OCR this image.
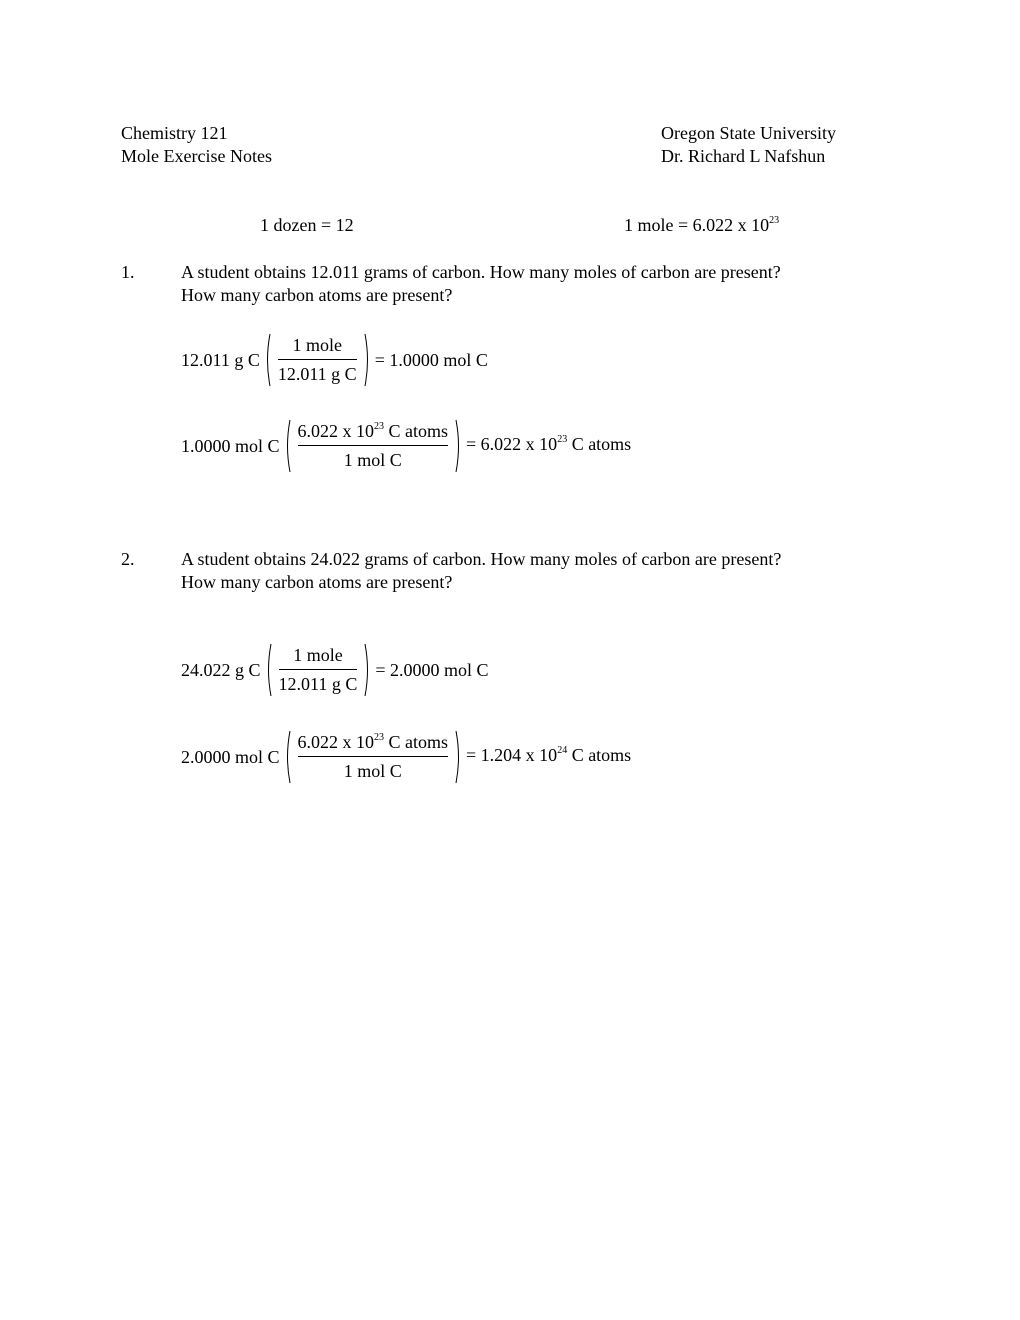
Chemistry 121
Mole Exercise Notes
Oregon State University
Dr. Richard L Nafshun
1 dozen = 12	1 mole = 6.022 x $10^{23}$
1.	A student obtains 12.011 grams of carbon. How many moles of carbon are present?
How many carbon atoms are present?
12.011 g C $\frac{\text{1 mole}}{\text{12.011 g C}} = 1.0000$ mol C
1.0000 mol C $\frac{6.022 x 10^{23} C atoms}{\text{1 mol C}} = 6.022$ x $10^{23}$ C atoms
2.	A student obtains 24.022 grams of carbon. How many moles of carbon are present?
How many carbon atoms are present?
24.022 g C $\frac{\text{1 mole}}{\text{12.011 g C}} = 2.0000$ mol C
2.0000 mol C $\frac{6.022 x 10^{23} C atoms}{\text{1 mol C}} = 1.204$ x $10^{24}$ C atoms
